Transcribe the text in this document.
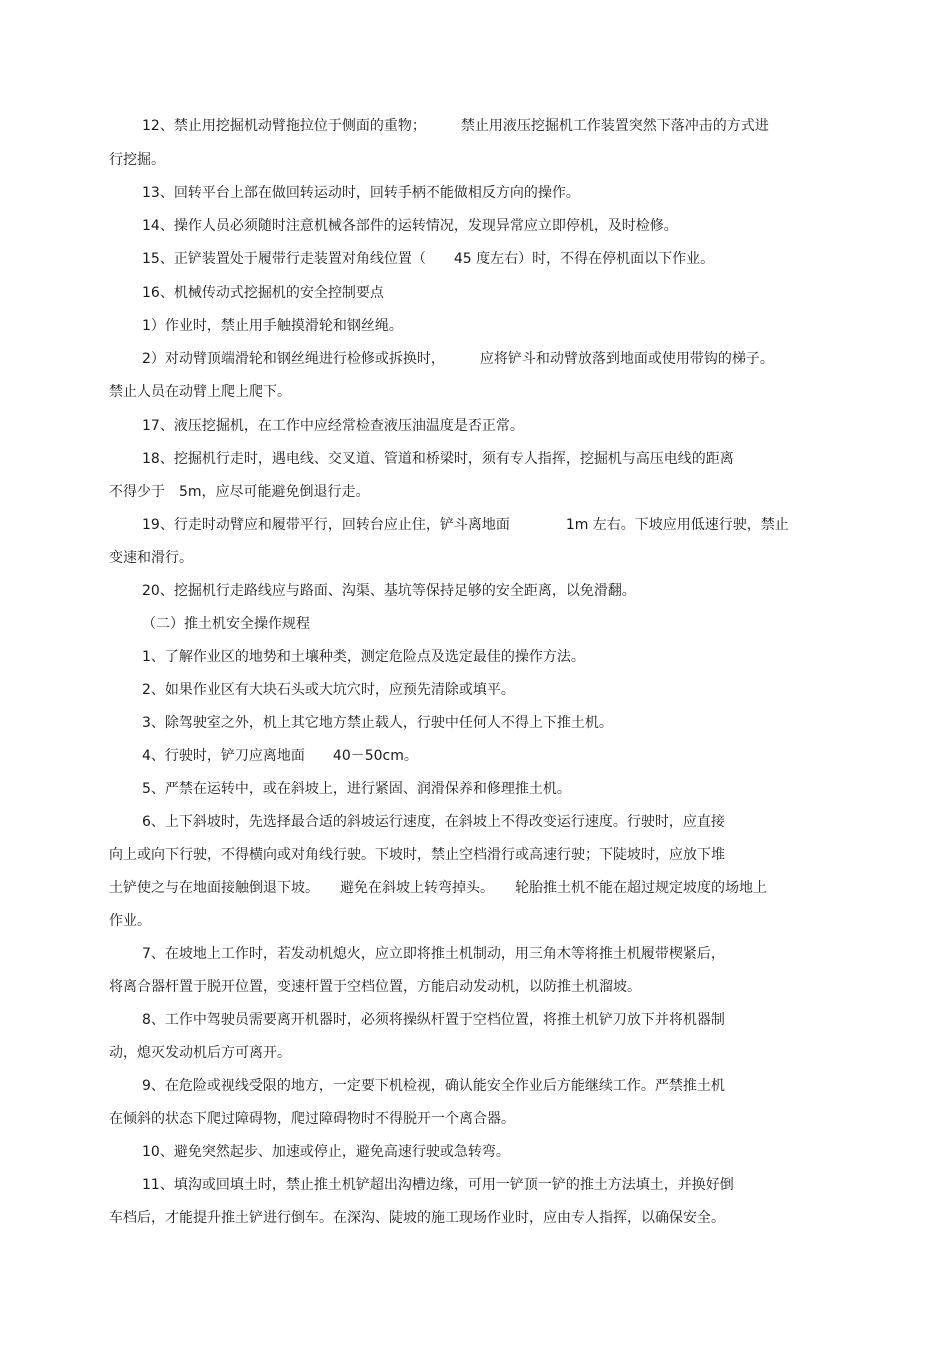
12、禁止用挖掘机动臂拖拉位于侧面的重物；　　　禁止用液压挖掘机工作装置突然下落冲击的方式进
行挖掘。
13、回转平台上部在做回转运动时，回转手柄不能做相反方向的操作。
14、操作人员必须随时注意机械各部件的运转情况，发现异常应立即停机，及时检修。
15、正铲装置处于履带行走装置对角线位置（　　45 度左右）时，不得在停机面以下作业。
16、机械传动式挖掘机的安全控制要点
1）作业时，禁止用手触摸滑轮和钢丝绳。
2）对动臂顶端滑轮和钢丝绳进行检修或拆换时，　　　应将铲斗和动臂放落到地面或使用带钩的梯子。
禁止人员在动臂上爬上爬下。
17、液压挖掘机，在工作中应经常检查液压油温度是否正常。
18、挖掘机行走时，遇电线、交叉道、管道和桥梁时，须有专人指挥，挖掘机与高压电线的距离
不得少于　5m，应尽可能避免倒退行走。
19、行走时动臂应和履带平行，回转台应止住，铲斗离地面　　　　1m 左右。下坡应用低速行驶，禁止
变速和滑行。
20、挖掘机行走路线应与路面、沟渠、基坑等保持足够的安全距离，以免滑翻。
（二）推土机安全操作规程
1、了解作业区的地势和土壤种类，测定危险点及选定最佳的操作方法。
2、如果作业区有大块石头或大坑穴时，应预先清除或填平。
3、除驾驶室之外，机上其它地方禁止载人，行驶中任何人不得上下推土机。
4、行驶时，铲刀应离地面　　40－50cm。
5、严禁在运转中，或在斜坡上，进行紧固、润滑保养和修理推土机。
6、上下斜坡时，先选择最合适的斜坡运行速度，在斜坡上不得改变运行速度。行驶时，应直接
向上或向下行驶，不得横向或对角线行驶。下坡时，禁止空档滑行或高速行驶；下陡坡时，应放下堆
土铲使之与在地面接触倒退下坡。　　避免在斜坡上转弯掉头。　　轮胎推土机不能在超过规定坡度的场地上
作业。
7、在坡地上工作时，若发动机熄火，应立即将推土机制动，用三角木等将推土机履带楔紧后，
将离合器杆置于脱开位置，变速杆置于空档位置，方能启动发动机，以防推土机溜坡。
8、工作中驾驶员需要离开机器时，必须将操纵杆置于空档位置，将推土机铲刀放下并将机器制
动，熄灭发动机后方可离开。
9、在危险或视线受限的地方，一定要下机检视，确认能安全作业后方能继续工作。严禁推土机
在倾斜的状态下爬过障碍物，爬过障碍物时不得脱开一个离合器。
10、避免突然起步、加速或停止，避免高速行驶或急转弯。
11、填沟或回填土时，禁止推土机铲超出沟槽边缘，可用一铲顶一铲的推土方法填土，并换好倒
车档后，才能提升推土铲进行倒车。在深沟、陡坡的施工现场作业时，应由专人指挥，以确保安全。
